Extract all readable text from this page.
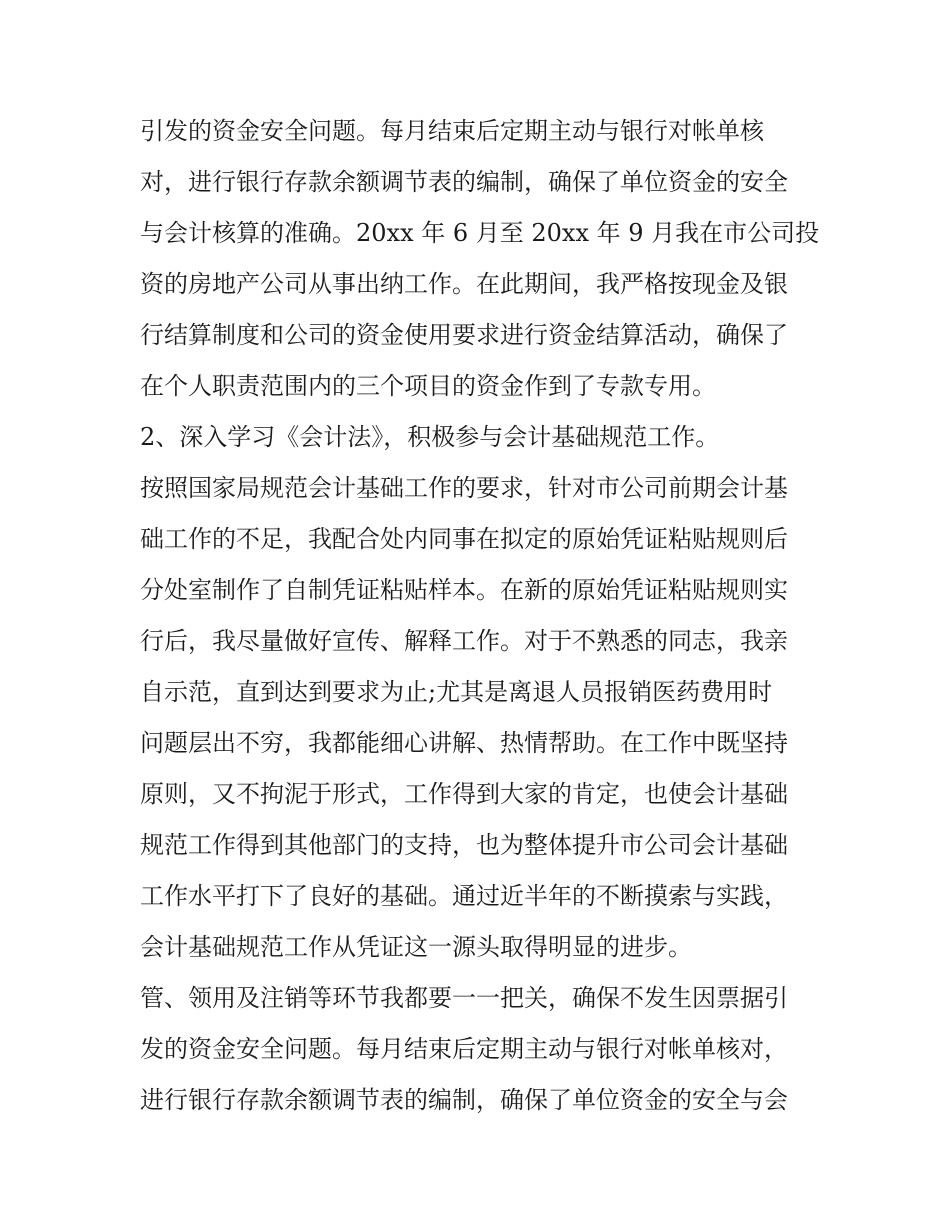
引发的资金安全问题。每月结束后定期主动与银行对帐单核
对，进行银行存款余额调节表的编制，确保了单位资金的安全
与会计核算的准确。20xx 年 6 月至 20xx 年 9 月我在市公司投
资的房地产公司从事出纳工作。在此期间，我严格按现金及银
行结算制度和公司的资金使用要求进行资金结算活动，确保了
在个人职责范围内的三个项目的资金作到了专款专用。
2、深入学习《会计法》，积极参与会计基础规范工作。
按照国家局规范会计基础工作的要求，针对市公司前期会计基
础工作的不足，我配合处内同事在拟定的原始凭证粘贴规则后
分处室制作了自制凭证粘贴样本。在新的原始凭证粘贴规则实
行后，我尽量做好宣传、解释工作。对于不熟悉的同志，我亲
自示范，直到达到要求为止;尤其是离退人员报销医药费用时
问题层出不穷，我都能细心讲解、热情帮助。在工作中既坚持
原则，又不拘泥于形式，工作得到大家的肯定，也使会计基础
规范工作得到其他部门的支持，也为整体提升市公司会计基础
工作水平打下了良好的基础。通过近半年的不断摸索与实践，
会计基础规范工作从凭证这一源头取得明显的进步。
管、领用及注销等环节我都要一一把关，确保不发生因票据引
发的资金安全问题。每月结束后定期主动与银行对帐单核对，
进行银行存款余额调节表的编制，确保了单位资金的安全与会
